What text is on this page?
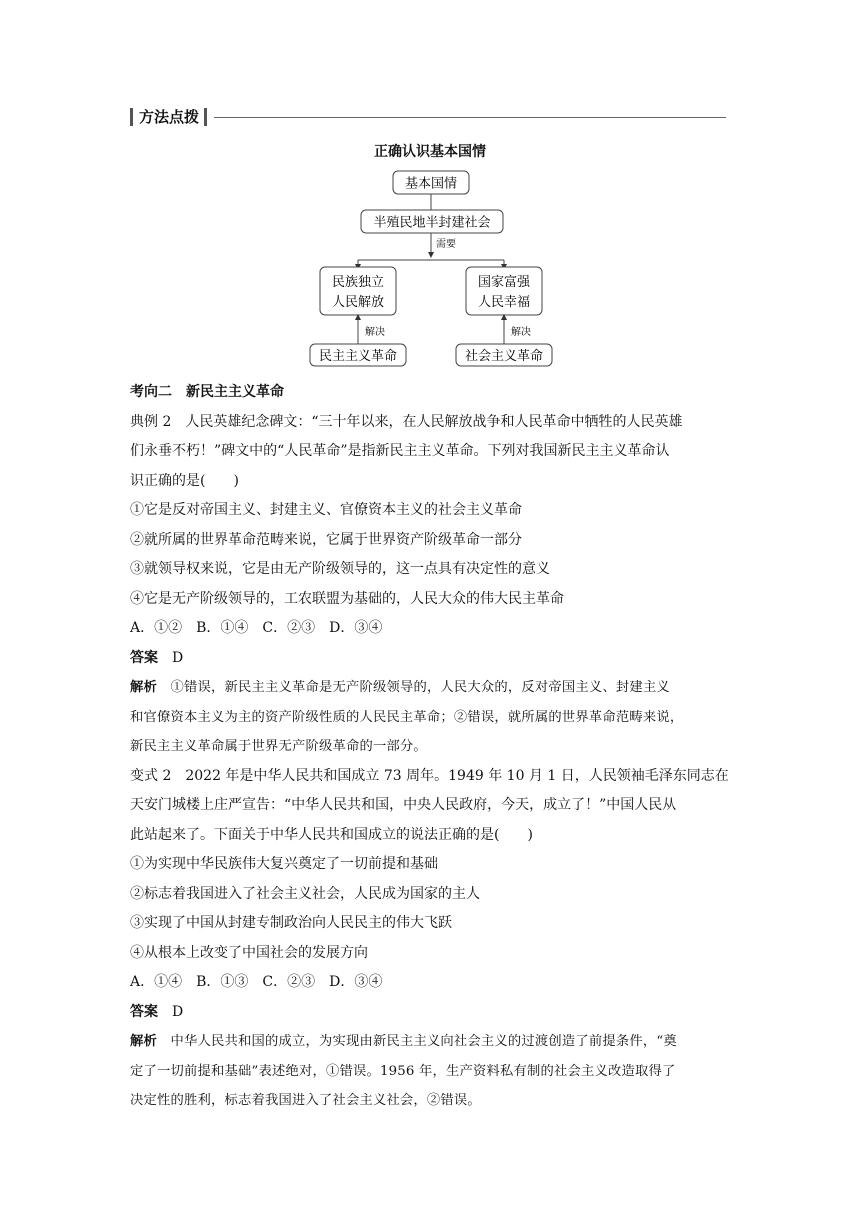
方法点拨
正确认识基本国情
基本国情
半殖民地半封建社会
需要
民族独立
人民解放
国家富强
人民幸福
解决	解决
民主主义革命	社会主义革命
考向二　新民主主义革命
典例 2　人民英雄纪念碑文：“三十年以来，在人民解放战争和人民革命中牺牲的人民英雄
们永垂不朽！”碑文中的“人民革命”是指新民主主义革命。下列对我国新民主主义革命认
识正确的是(　　)
①它是反对帝国主义、封建主义、官僚资本主义的社会主义革命
②就所属的世界革命范畴来说，它属于世界资产阶级革命一部分
③就领导权来说，它是由无产阶级领导的，这一点具有决定性的意义
④它是无产阶级领导的，工农联盟为基础的，人民大众的伟大民主革命
A．①②　B．①④　C．②③　D．③④
答案　 D
解析　 ①错误，新民主主义革命是无产阶级领导的，人民大众的，反对帝国主义、封建主义
和官僚资本主义为主的资产阶级性质的人民民主革命；②错误，就所属的世界革命范畴来说，
新民主主义革命属于世界无产阶级革命的一部分。
变式 2　2022 年是中华人民共和国成立 73 周年。1949 年 10 月 1 日，人民领袖毛泽东同志在
天安门城楼上庄严宣告：“中华人民共和国，中央人民政府，今天，成立了！”中国人民从
此站起来了。下面关于中华人民共和国成立的说法正确的是(　　)
①为实现中华民族伟大复兴奠定了一切前提和基础
②标志着我国进入了社会主义社会，人民成为国家的主人
③实现了中国从封建专制政治向人民民主的伟大飞跃
④从根本上改变了中国社会的发展方向
A．①④　B．①③　C．②③　D．③④
答案　 D
解析　 中华人民共和国的成立，为实现由新民主主义向社会主义的过渡创造了前提条件，“奠
定了一切前提和基础”表述绝对，①错误。1956 年，生产资料私有制的社会主义改造取得了
决定性的胜利，标志着我国进入了社会主义社会，②错误。
